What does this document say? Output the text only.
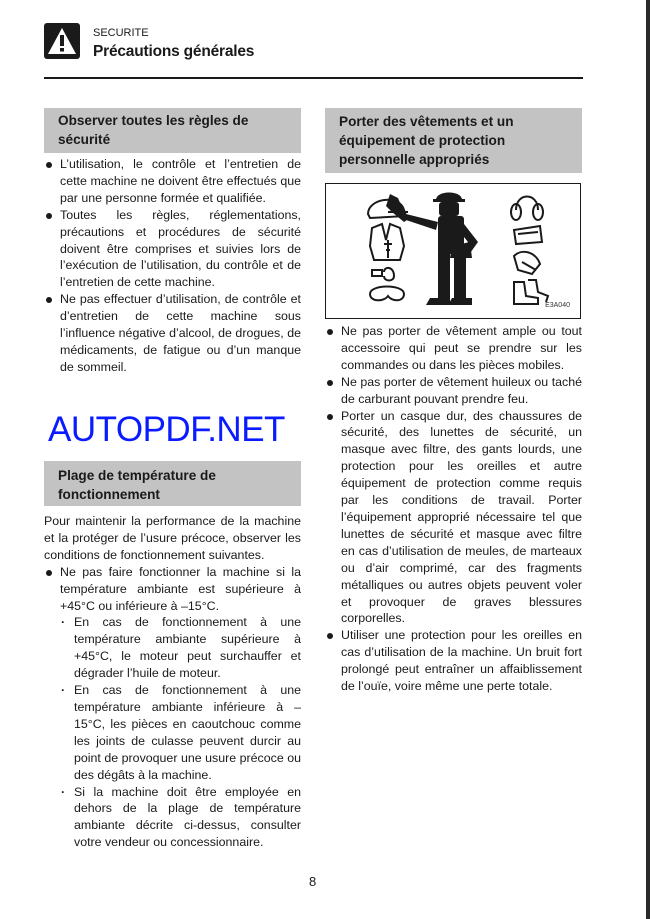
SECURITE
Précautions générales
Observer toutes les règles de sécurité
L’utilisation, le contrôle et l’entretien de cette machine ne doivent être effectués que par une personne formée et qualifiée.
Toutes les règles, réglementations, précautions et procédures de sécurité doivent être comprises et suivies lors de l’exécution de l’utilisation, du contrôle et de l’entretien de cette machine.
Ne pas effectuer d’utilisation, de contrôle et d’entretien de cette machine sous l’influence négative d’alcool, de drogues, de médicaments, de fatigue ou d’un manque de sommeil.
Plage de température de fonctionnement

Pour maintenir la performance de la machine et la protéger de l’usure précoce, observer les conditions de fonctionnement suivantes.

Ne pas faire fonctionner la machine si la température ambiante est supérieure à +45°C ou inférieure à –15°C.
· En cas de fonctionnement à une température ambiante supérieure à +45°C, le moteur peut surchauffer et dégrader l’huile de moteur.
· En cas de fonctionnement à une température ambiante inférieure à –15°C, les pièces en caoutchouc comme les joints de culasse peuvent durcir au point de provoquer une usure précoce ou des dégâts à la machine.
· Si la machine doit être employée en dehors de la plage de température ambiante décrite ci-dessus, consulter votre vendeur ou concessionnaire.
Porter des vêtements et un équipement de protection personnelle appropriés
E3A040
Ne pas porter de vêtement ample ou tout accessoire qui peut se prendre sur les commandes ou dans les pièces mobiles.
Ne pas porter de vêtement huileux ou taché de carburant pouvant prendre feu.
Porter un casque dur, des chaussures de sécurité, des lunettes de sécurité, un masque avec filtre, des gants lourds, une protection pour les oreilles et autre équipement de protection comme requis par les conditions de travail. Porter l’équipement approprié nécessaire tel que lunettes de sécurité et masque avec filtre en cas d’utilisation de meules, de marteaux ou d’air comprimé, car des fragments métalliques ou autres objets peuvent voler et provoquer de graves blessures corporelles.
Utiliser une protection pour les oreilles en cas d’utilisation de la machine. Un bruit fort prolongé peut entraîner un affaiblissement de l’ouïe, voire même une perte totale.
AUTOPDF.NET
8
